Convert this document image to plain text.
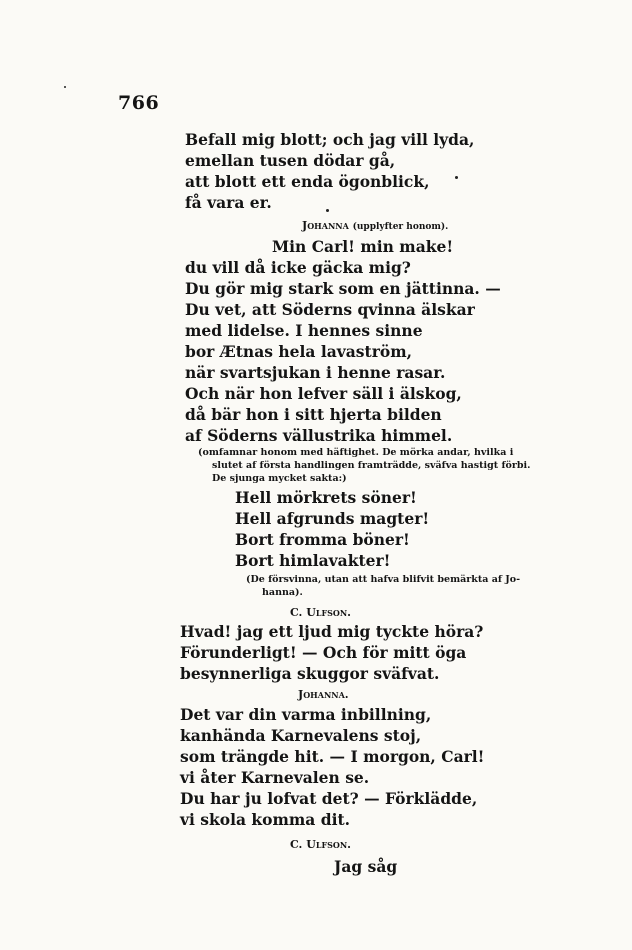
766
Befall mig blott; och jag vill lyda,
emellan tusen dödar gå,
att blott ett enda ögonblick,
få vara er.
Johanna (upplyfter honom).
Min Carl! min make!
du vill då icke gäcka mig?
Du gör mig stark som en jättinna. —
Du vet, att Söderns qvinna älskar
med lidelse. I hennes sinne
bor Ætnas hela lavaström,
när svartsjukan i henne rasar.
Och när hon lefver säll i älskog,
då bär hon i sitt hjerta bilden
af Söderns vällustrika himmel.
(omfamnar honom med häftighet. De mörka andar, hvilka i
slutet af första handlingen framträdde, sväfva hastigt förbi.
De sjunga mycket sakta:)
Hell mörkrets söner!
Hell afgrunds magter!
Bort fromma böner!
Bort himlavakter!
(De försvinna, utan att hafva blifvit bemärkta af Jo-
hanna).
C. Ulfson.
Hvad! jag ett ljud mig tyckte höra?
Förunderligt! — Och för mitt öga
besynnerliga skuggor sväfvat.
Johanna.
Det var din varma inbillning,
kanhända Karnevalens stoj,
som trängde hit. — I morgon, Carl!
vi åter Karnevalen se.
Du har ju lofvat det? — Förklädde,
vi skola komma dit.
C. Ulfson.
Jag såg
